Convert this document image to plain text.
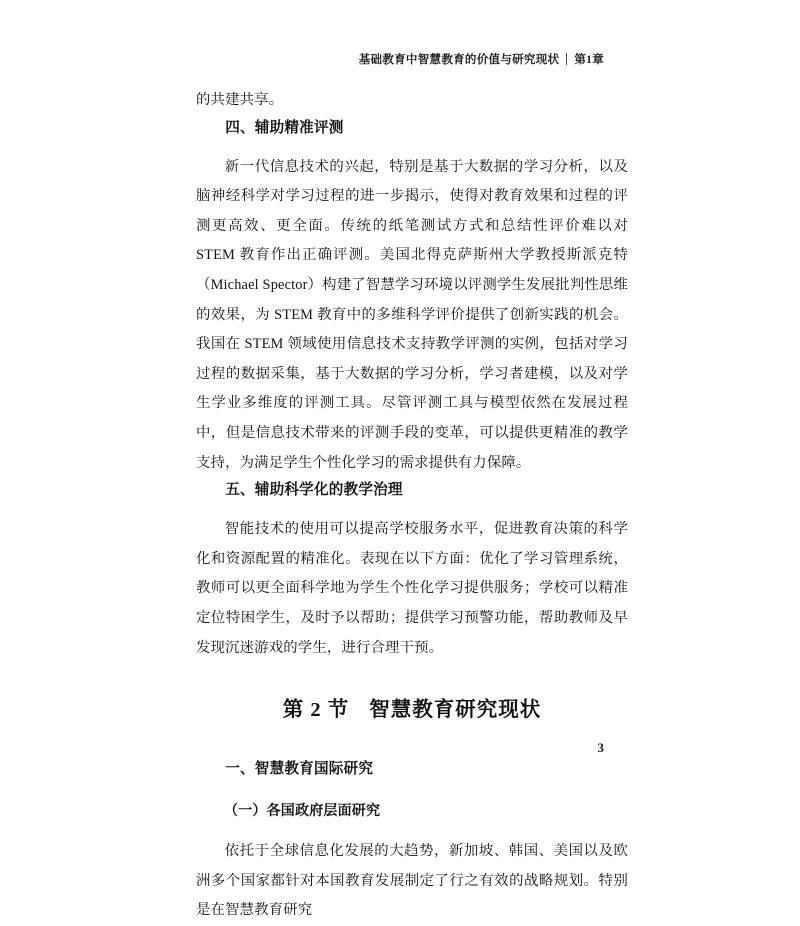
基础教育中智慧教育的价值与研究现状 第1章

的共建共享。

四、辅助精准评测

新一代信息技术的兴起，特别是基于大数据的学习分析，以及脑神经科学对学习过程的进一步揭示，使得对教育效果和过程的评测更高效、更全面。传统的纸笔测试方式和总结性评价难以对 STEM 教育作出正确评测。美国北得克萨斯州大学教授斯派克特（Michael Spector）构建了智慧学习环境以评测学生发展批判性思维的效果，为 STEM 教育中的多维科学评价提供了创新实践的机会。我国在 STEM 领域使用信息技术支持教学评测的实例，包括对学习过程的数据采集，基于大数据的学习分析，学习者建模，以及对学生学业多维度的评测工具。尽管评测工具与模型依然在发展过程中，但是信息技术带来的评测手段的变革，可以提供更精准的教学支持，为满足学生个性化学习的需求提供有力保障。

五、辅助科学化的教学治理

智能技术的使用可以提高学校服务水平，促进教育决策的科学化和资源配置的精准化。表现在以下方面：优化了学习管理系统，教师可以更全面科学地为学生个性化学习提供服务；学校可以精准定位特困学生，及时予以帮助；提供学习预警功能，帮助教师及早发现沉迷游戏的学生，进行合理干预。

第 2 节 智慧教育研究现状
一、智慧教育国际研究
（一）各国政府层面研究

依托于全球信息化发展的大趋势，新加坡、韩国、美国以及欧洲多个国家都针对本国教育发展制定了行之有效的战略规划。特别是在智慧教育研究

3
